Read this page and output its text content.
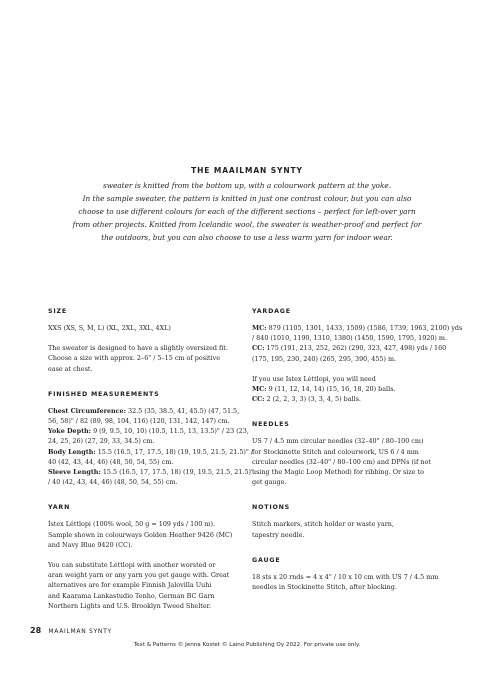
THE MAAILMAN SYNTY
sweater is knitted from the bottom up, with a colourwork pattern at the yoke.
In the sample sweater, the pattern is knitted in just one contrast colour, but you can also
choose to use different colours for each of the different sections – perfect for left-over yarn
from other projects. Knitted from Icelandic wool, the sweater is weather-proof and perfect for
the outdoors, but you can also choose to use a less warm yarn for indoor wear.
SIZE

XXS (XS, S, M, L) (XL, 2XL, 3XL, 4XL)

The sweater is designed to have a slightly oversized fit.
Choose a size with approx. 2–6" / 5–15 cm of positive
ease at chest.

FINISHED MEASUREMENTS

Chest Circumference: 32.5 (35, 38.5, 41, 45.5) (47, 51.5,
56, 58)" / 82 (89, 98, 104, 116) (120, 131, 142, 147) cm.
Yoke Depth: 9 (9, 9.5, 10, 10) (10.5, 11.5, 13, 13.5)" / 23 (23,
24, 25, 26) (27, 29, 33, 34.5) cm.
Body Length: 15.5 (16.5, 17, 17.5, 18) (19, 19.5, 21.5, 21.5)" /
40 (42, 43, 44, 46) (48, 50, 54, 55) cm.
Sleeve Length: 15.5 (16.5, 17, 17.5, 18) (19, 19.5, 21.5, 21.5)"
/ 40 (42, 43, 44, 46) (48, 50, 54, 55) cm.

YARN

Ístex Léttlopi (100% wool, 50 g = 109 yds / 100 m).
Sample shown in colourways Golden Heather 9426 (MC)
and Navy Blue 9420 (CC).

You can substitute Léttlopi with another worsted or
aran weight yarn or any yarn you get gauge with. Great
alternatives are for example Finnish Jalovilla Uuhi
and Kaarama Lankastudio Tenho, German BC Garn
Northern Lights and U.S. Brooklyn Tweed Shelter.

YARDAGE

MC: 879 (1105, 1301, 1433, 1509) (1586, 1739, 1963, 2100) yds
/ 840 (1010, 1190, 1310, 1380) (1450, 1590, 1795, 1920) m.
CC: 175 (191, 213, 252, 262) (290, 323, 427, 498) yds / 160
(175, 195, 230, 240) (265, 295, 390, 455) m.

If you use Istex Léttlopi, you will need
MC: 9 (11, 12, 14, 14) (15, 16, 18, 20) balls.
CC: 2 (2, 2, 3, 3) (3, 3, 4, 5) balls.

NEEDLES

US 7 / 4.5 mm circular needles (32–40" / 80–100 cm)
for Stockinette Stitch and colourwork, US 6 / 4 mm
circular needles (32–40" / 80–100 cm) and DPNs (if not
using the Magic Loop Method) for ribbing. Or size to
get gauge.

NOTIONS

Stitch markers, stitch holder or waste yarn,
tapestry needle.

GAUGE

18 sts x 20 rnds = 4 x 4" / 10 x 10 cm with US 7 / 4.5 mm
needles in Stockinette Stitch, after blocking.

28 MAAILMAN SYNTY
Text & Patterns © Jenna Kostet © Laino Publishing Oy 2022. For private use only.
